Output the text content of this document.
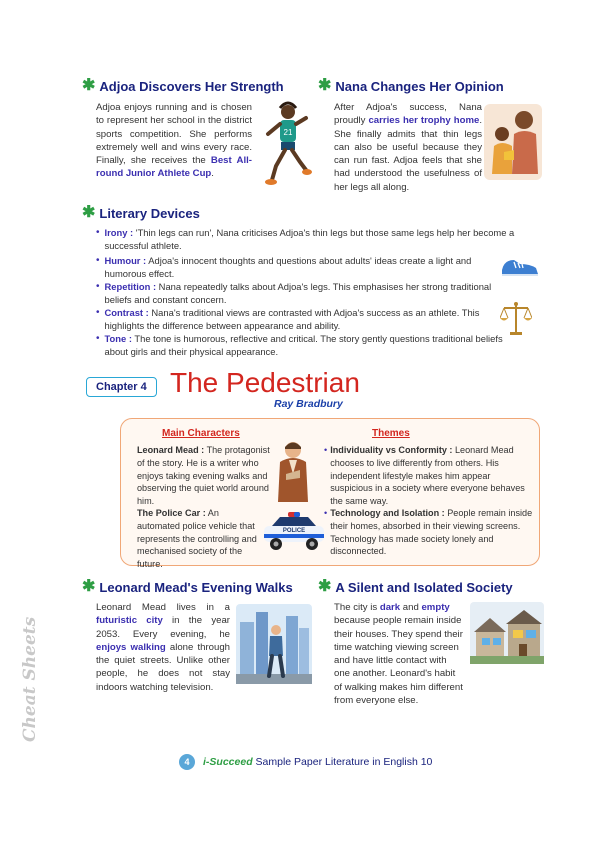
✱ Adjoa Discovers Her Strength
Adjoa enjoys running and is chosen to represent her school in the district sports competition. She performs extremely well and wins every race. Finally, she receives the Best All-round Junior Athlete Cup.
21
✱ Nana Changes Her Opinion
After Adjoa's success, Nana proudly carries her trophy home. She finally admits that thin legs can also be useful because they can run fast. Adjoa feels that she had understood the usefulness of her legs all along.
✱ Literary Devices
• Irony : 'Thin legs can run', Nana criticises Adjoa's thin legs but those same legs help her become a successful athlete.
• Humour : Adjoa's innocent thoughts and questions about adults' ideas create a light and humorous effect.
• Repetition : Nana repeatedly talks about Adjoa's legs. This emphasises her strong traditional beliefs and constant concern.
• Contrast : Nana's traditional views are contrasted with Adjoa's success as an athlete. This highlights the difference between appearance and ability.
• Tone : The tone is humorous, reflective and critical. The story gently questions traditional beliefs about girls and their physical appearance.
Chapter 4 The Pedestrian
Ray Bradbury
Main Characters	Themes
Leonard Mead : The protagonist of the story. He is a writer who enjoys taking evening walks and observing the quiet world around him.
The Police Car : An automated police vehicle that represents the controlling and mechanised society of the future.
POLICE
• Individuality vs Conformity : Leonard Mead chooses to live differently from others. His independent lifestyle makes him appear suspicious in a society where everyone behaves the same way.
• Technology and Isolation : People remain inside their homes, absorbed in their viewing screens. Technology has made society lonely and disconnected.
✱ Leonard Mead's Evening Walks
Leonard Mead lives in a futuristic city in the year 2053. Every evening, he enjoys walking alone through the quiet streets. Unlike other people, he does not stay indoors watching television.
✱ A Silent and Isolated Society
The city is dark and empty because people remain inside their houses. They spend their time watching viewing screen and have little contact with one another. Leonard's habit of walking makes him different from everyone else.
Cheat Sheets
4	i-Succeed Sample Paper Literature in English 10
